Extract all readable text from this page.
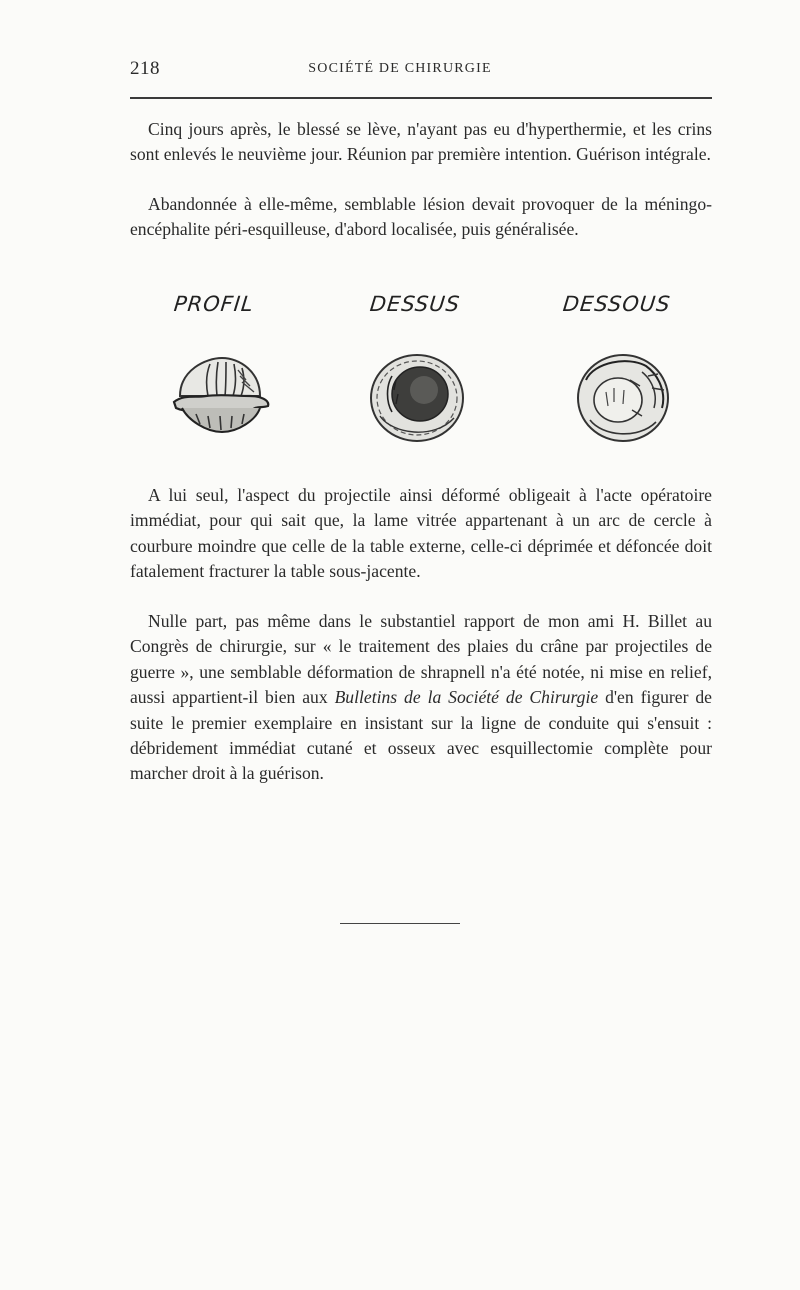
218	SOCIÉTÉ DE CHIRURGIE

Cinq jours après, le blessé se lève, n'ayant pas eu d'hyperthermie, et les crins sont enlevés le neuvième jour. Réunion par première intention. Guérison intégrale.

Abandonnée à elle-même, semblable lésion devait provoquer de la méningo-encéphalite péri-esquilleuse, d'abord localisée, puis généralisée.

PROFIL	DESSUS	DESSOUS

A lui seul, l'aspect du projectile ainsi déformé obligeait à l'acte opératoire immédiat, pour qui sait que, la lame vitrée appartenant à un arc de cercle à courbure moindre que celle de la table externe, celle-ci déprimée et défoncée doit fatalement fracturer la table sous-jacente.

Nulle part, pas même dans le substantiel rapport de mon ami H. Billet au Congrès de chirurgie, sur « le traitement des plaies du crâne par projectiles de guerre », une semblable déformation de shrapnell n'a été notée, ni mise en relief, aussi appartient-il bien aux Bulletins de la Société de Chirurgie d'en figurer de suite le premier exemplaire en insistant sur la ligne de conduite qui s'ensuit : débridement immédiat cutané et osseux avec esquillectomie complète pour marcher droit à la guérison.
